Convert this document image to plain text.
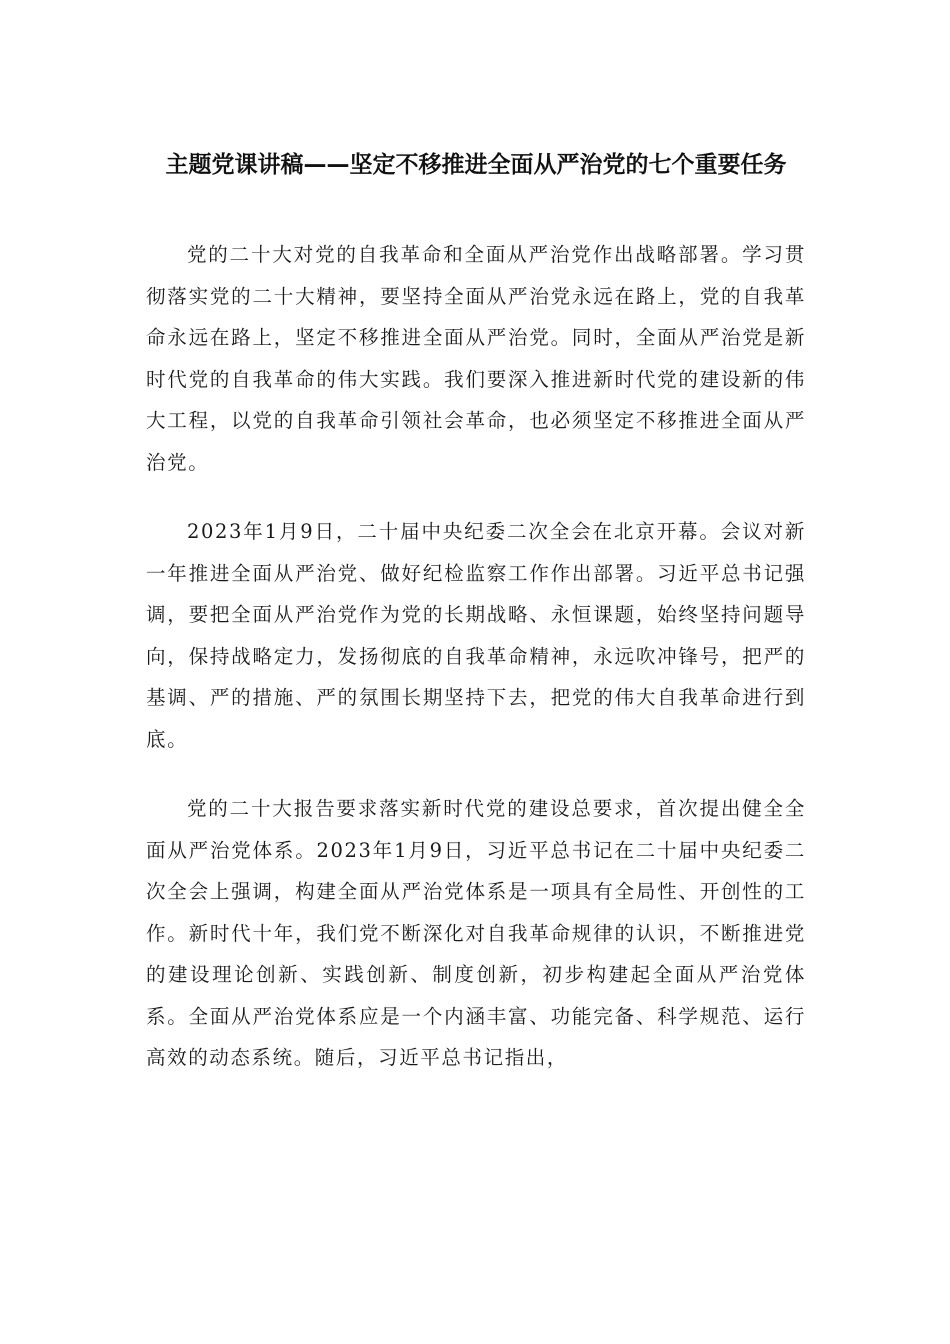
主题党课讲稿——坚定不移推进全面从严治党的七个重要任务

党的二十大对党的自我革命和全面从严治党作出战略部署。学习贯彻落实党的二十大精神，要坚持全面从严治党永远在路上，党的自我革命永远在路上，坚定不移推进全面从严治党。同时，全面从严治党是新时代党的自我革命的伟大实践。我们要深入推进新时代党的建设新的伟大工程，以党的自我革命引领社会革命，也必须坚定不移推进全面从严治党。

2023年1月9日，二十届中央纪委二次全会在北京开幕。会议对新一年推进全面从严治党、做好纪检监察工作作出部署。习近平总书记强调，要把全面从严治党作为党的长期战略、永恒课题，始终坚持问题导向，保持战略定力，发扬彻底的自我革命精神，永远吹冲锋号，把严的基调、严的措施、严的氛围长期坚持下去，把党的伟大自我革命进行到底。

党的二十大报告要求落实新时代党的建设总要求，首次提出健全全面从严治党体系。2023年1月9日，习近平总书记在二十届中央纪委二次全会上强调，构建全面从严治党体系是一项具有全局性、开创性的工作。新时代十年，我们党不断深化对自我革命规律的认识，不断推进党的建设理论创新、实践创新、制度创新，初步构建起全面从严治党体系。全面从严治党体系应是一个内涵丰富、功能完备、科学规范、运行高效的动态系统。随后，习近平总书记指出，
